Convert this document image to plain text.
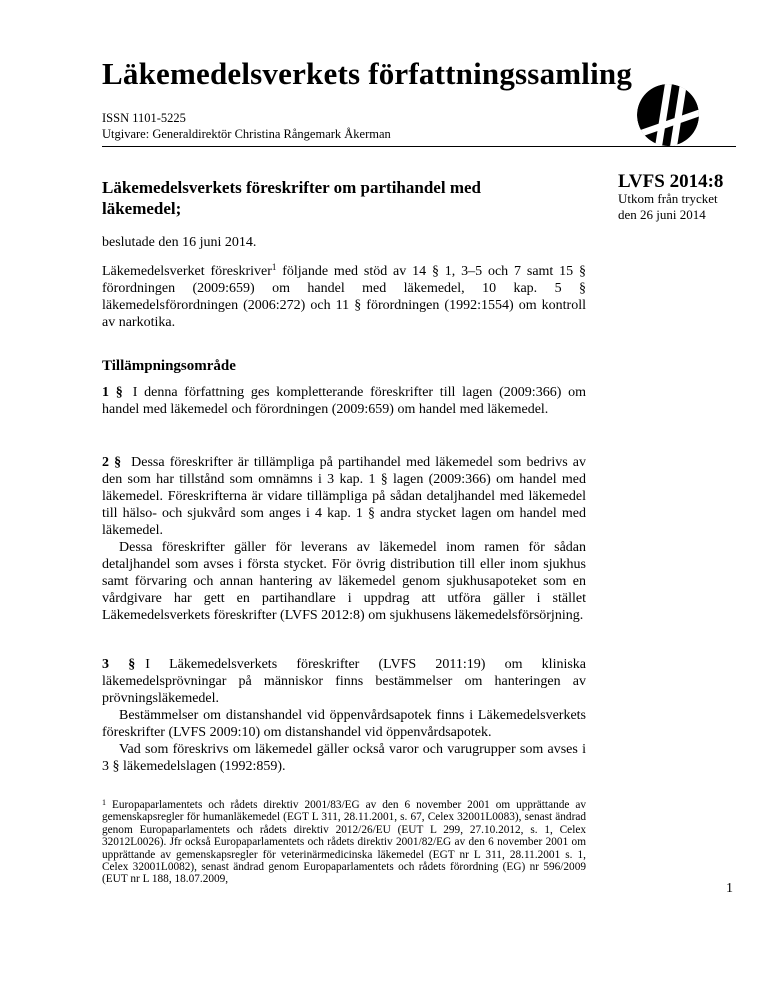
Läkemedelsverkets författningssamling
ISSN 1101-5225
Utgivare: Generaldirektör Christina Rångemark Åkerman
LVFS 2014:8
Utkom från trycket
den 26 juni 2014
Läkemedelsverkets föreskrifter om partihandel med läkemedel;
beslutade den 16 juni 2014.
Läkemedelsverket föreskriver$^1$ följande med stöd av 14 § 1, 3–5 och 7 samt 15 § förordningen (2009:659) om handel med läkemedel, 10 kap. 5 § läkemedelsförordningen (2006:272) och 11 § förordningen (1992:1554) om kontroll av narkotika.
Tillämpningsområde
1 § I denna författning ges kompletterande föreskrifter till lagen (2009:366) om handel med läkemedel och förordningen (2009:659) om handel med läkemedel.

2 § Dessa föreskrifter är tillämpliga på partihandel med läkemedel som bedrivs av den som har tillstånd som omnämns i 3 kap. 1 § lagen (2009:366) om handel med läkemedel. Föreskrifterna är vidare tillämpliga på sådan detaljhandel med läkemedel till hälso- och sjukvård som anges i 4 kap. 1 § andra stycket lagen om handel med läkemedel.

Dessa föreskrifter gäller för leverans av läkemedel inom ramen för sådan detaljhandel som avses i första stycket. För övrig distribution till eller inom sjukhus samt förvaring och annan hantering av läkemedel genom sjukhusapoteket som en vårdgivare har gett en partihandlare i uppdrag att utföra gäller i stället Läkemedelsverkets föreskrifter (LVFS 2012:8) om sjukhusens läkemedelsförsörjning.

3 § I Läkemedelsverkets föreskrifter (LVFS 2011:19) om kliniska läkemedelsprövningar på människor finns bestämmelser om hanteringen av prövningsläkemedel.

Bestämmelser om distanshandel vid öppenvårdsapotek finns i Läkemedelsverkets föreskrifter (LVFS 2009:10) om distanshandel vid öppenvårdsapotek.

Vad som föreskrivs om läkemedel gäller också varor och varugrupper som avses i 3 § läkemedelslagen (1992:859).

$^1$ Europaparlamentets och rådets direktiv 2001/83/EG av den 6 november 2001 om upprättande av gemenskapsregler för humanläkemedel (EGT L 311, 28.11.2001, s. 67, Celex 32001L0083), senast ändrad genom Europaparlamentets och rådets direktiv 2012/26/EU (EUT L 299, 27.10.2012, s. 1, Celex 32012L0026). Jfr också Europaparlamentets och rådets direktiv 2001/82/EG av den 6 november 2001 om upprättande av gemenskapsregler för veterinärmedicinska läkemedel (EGT nr L 311, 28.11.2001 s. 1, Celex 32001L0082), senast ändrad genom Europaparlamentets och rådets förordning (EG) nr 596/2009 (EUT nr L 188, 18.07.2009,
1
